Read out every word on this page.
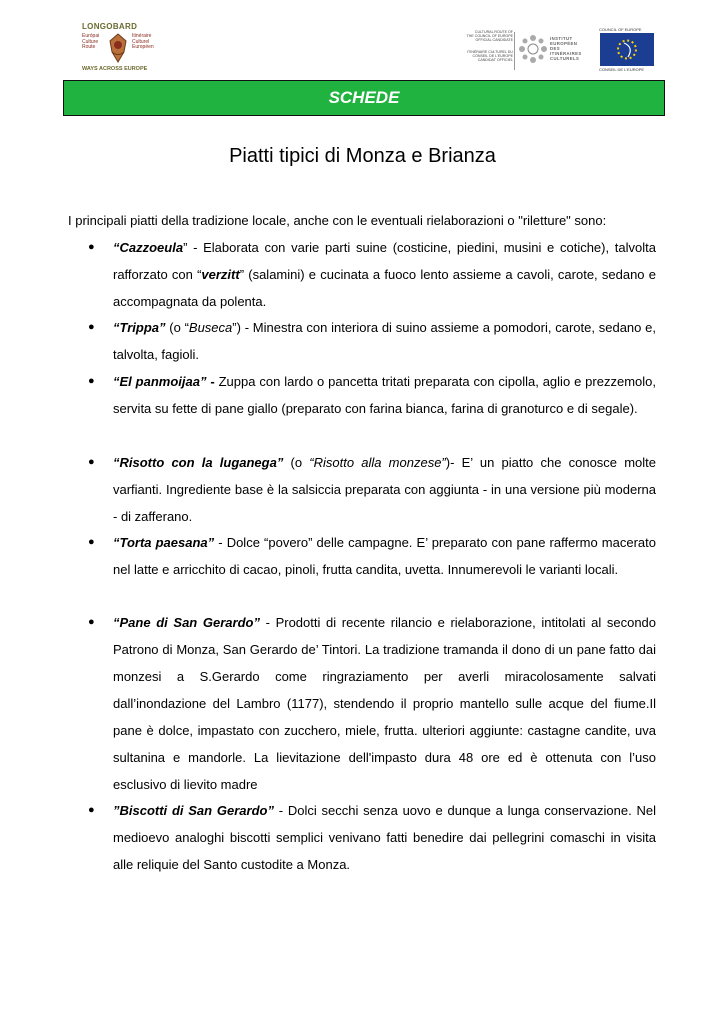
LONGOBARD
Európai
Culture
Route
Itinéraire
Culturel
Européen
WAYS ACROSS EUROPE
CULTURAL ROUTE OF
THE COUNCIL OF EUROPE
OFFICIAL CANDIDATE
ITINÉRAIRE CULTUREL DU
CONSEIL DE L'EUROPE
CANDIDAT OFFICIEL
INSTITUT
EUROPÉEN
DES
ITINÉRAIRES
CULTURELS
COUNCIL OF EUROPE
CONSEIL DE L'EUROPE
SCHEDE
Piatti tipici di Monza e Brianza
I principali piatti della tradizione locale, anche con le eventuali rielaborazioni o "riletture" sono:
● “Cazzoeula” - Elaborata con varie parti suine (costicine, piedini, musini e cotiche), talvolta rafforzato con “verzitt” (salamini) e cucinata a fuoco lento assieme a cavoli, carote, sedano e accompagnata da polenta.
● “Trippa” (o “Buseca”) - Minestra con interiora di suino assieme a pomodori, carote, sedano e, talvolta, fagioli.
● “El panmoijaa” - Zuppa con lardo o pancetta tritati preparata con cipolla, aglio e prezzemolo, servita su fette di pane giallo (preparato con farina bianca, farina di granoturco e di segale).
● “Risotto con la luganega” (o “Risotto alla monzese”)- E’ un piatto che conosce molte varfianti. Ingrediente base è la salsiccia preparata con aggiunta - in una versione più moderna - di zafferano.
● “Torta paesana” - Dolce “povero” delle campagne. E’ preparato con pane raffermo macerato nel latte e arricchito di cacao, pinoli, frutta candita, uvetta. Innumerevoli le varianti locali.
● “Pane di San Gerardo” - Prodotti di recente rilancio e rielaborazione, intitolati al secondo Patrono di Monza, San Gerardo de’ Tintori. La tradizione tramanda il dono di un pane fatto dai monzesi a S.Gerardo come ringraziamento per averli miracolosamente salvati dall’inondazione del Lambro (1177), stendendo il proprio mantello sulle acque del fiume.Il pane è dolce, impastato con zucchero, miele, frutta. ulteriori aggiunte: castagne candite, uva sultanina e mandorle. La lievitazione dell'impasto dura 48 ore ed è ottenuta con l’uso esclusivo di lievito madre
● ”Biscotti di San Gerardo” - Dolci secchi senza uovo e dunque a lunga conservazione. Nel medioevo analoghi biscotti semplici venivano fatti benedire dai pellegrini comaschi in visita alle reliquie del Santo custodite a Monza.
